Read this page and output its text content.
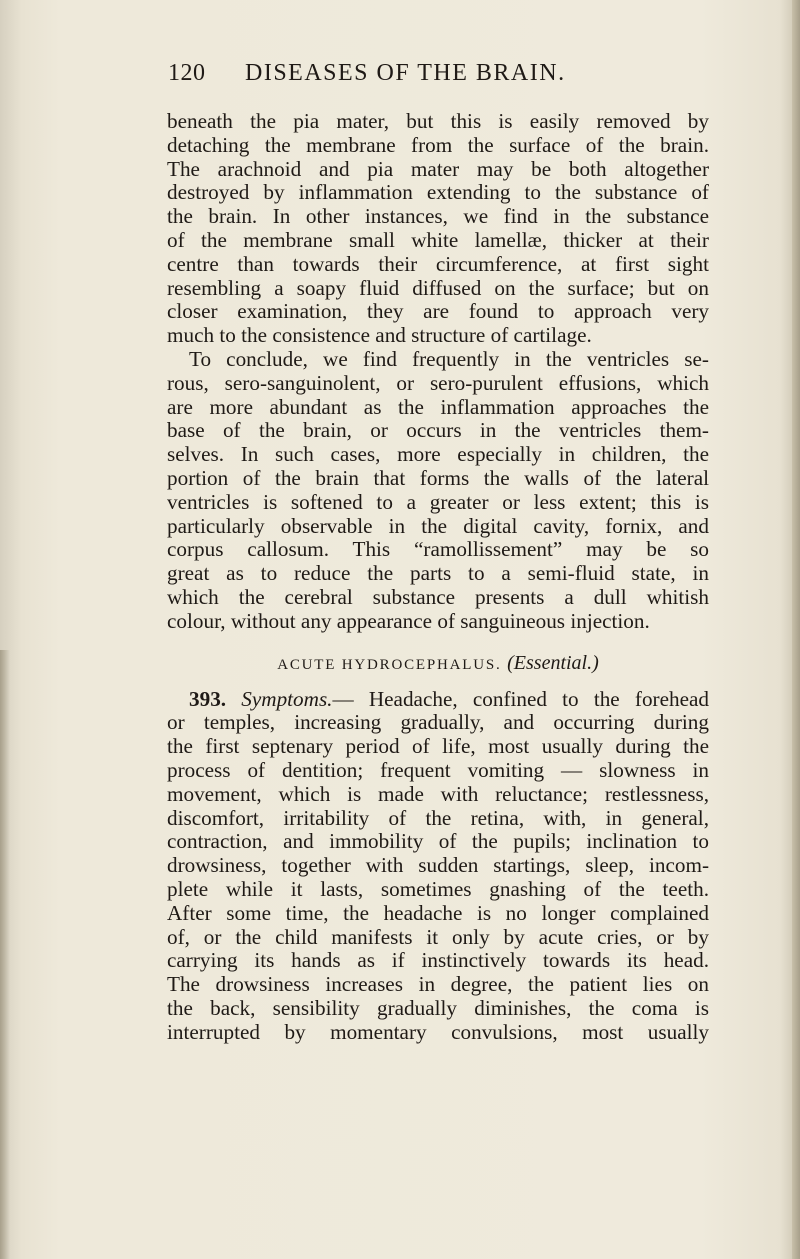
120 DISEASES OF THE BRAIN.
beneath the pia mater, but this is easily removed by
detaching the membrane from the surface of the brain.
The arachnoid and pia mater may be both altogether
destroyed by inflammation extending to the substance of
the brain. In other instances, we find in the substance
of the membrane small white lamellæ, thicker at their
centre than towards their circumference, at first sight
resembling a soapy fluid diffused on the surface; but on
closer examination, they are found to approach very
much to the consistence and structure of cartilage.
To conclude, we find frequently in the ventricles se-
rous, sero-sanguinolent, or sero-purulent effusions, which
are more abundant as the inflammation approaches the
base of the brain, or occurs in the ventricles them-
selves. In such cases, more especially in children, the
portion of the brain that forms the walls of the lateral
ventricles is softened to a greater or less extent; this is
particularly observable in the digital cavity, fornix, and
corpus callosum. This “ramollissement” may be so
great as to reduce the parts to a semi-fluid state, in
which the cerebral substance presents a dull whitish
colour, without any appearance of sanguineous injection.
ACUTE HYDROCEPHALUS. (Essential.)
393. Symptoms.— Headache, confined to the forehead
or temples, increasing gradually, and occurring during
the first septenary period of life, most usually during the
process of dentition; frequent vomiting — slowness in
movement, which is made with reluctance; restlessness,
discomfort, irritability of the retina, with, in general,
contraction, and immobility of the pupils; inclination to
drowsiness, together with sudden startings, sleep, incom-
plete while it lasts, sometimes gnashing of the teeth.
After some time, the headache is no longer complained
of, or the child manifests it only by acute cries, or by
carrying its hands as if instinctively towards its head.
The drowsiness increases in degree, the patient lies on
the back, sensibility gradually diminishes, the coma is
interrupted by momentary convulsions, most usually
